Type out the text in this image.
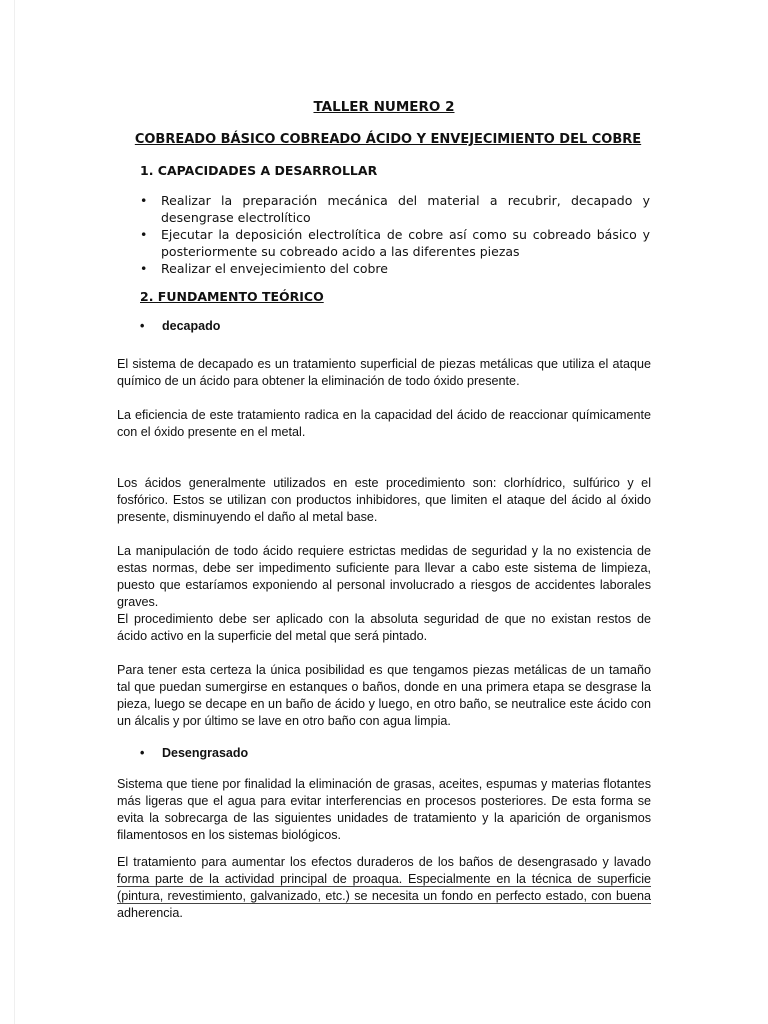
TALLER NUMERO 2
COBREADO BÁSICO COBREADO ÁCIDO Y ENVEJECIMIENTO DEL COBRE
1. CAPACIDADES A DESARROLLAR
• Realizar la preparación mecánica del material a recubrir, decapado y desengrase electrolítico
• Ejecutar la deposición electrolítica de cobre así como su cobreado básico y posteriormente su cobreado acido a las diferentes piezas
• Realizar el envejecimiento del cobre
2. FUNDAMENTO TEÓRICO
• decapado

El sistema de decapado es un tratamiento superficial de piezas metálicas que utiliza el ataque químico de un ácido para obtener la eliminación de todo óxido presente.

La eficiencia de este tratamiento radica en la capacidad del ácido de reaccionar químicamente con el óxido presente en el metal.

Los ácidos generalmente utilizados en este procedimiento son: clorhídrico, sulfúrico y el fosfórico. Estos se utilizan con productos inhibidores, que limiten el ataque del ácido al óxido presente, disminuyendo el daño al metal base.

La manipulación de todo ácido requiere estrictas medidas de seguridad y la no existencia de estas normas, debe ser impedimento suficiente para llevar a cabo este sistema de limpieza, puesto que estaríamos exponiendo al personal involucrado a riesgos de accidentes laborales graves.

El procedimiento debe ser aplicado con la absoluta seguridad de que no existan restos de ácido activo en la superficie del metal que será pintado.

Para tener esta certeza la única posibilidad es que tengamos piezas metálicas de un tamaño tal que puedan sumergirse en estanques o baños, donde en una primera etapa se desgrase la pieza, luego se decape en un baño de ácido y luego, en otro baño, se neutralice este ácido con un álcalis y por último se lave en otro baño con agua limpia.

• Desengrasado

Sistema que tiene por finalidad la eliminación de grasas, aceites, espumas y materias flotantes más ligeras que el agua para evitar interferencias en procesos posteriores. De esta forma se evita la sobrecarga de las siguientes unidades de tratamiento y la aparición de organismos filamentosos en los sistemas biológicos.

El tratamiento para aumentar los efectos duraderos de los baños de desengrasado y lavado forma parte de la actividad principal de proaqua. Especialmente en la técnica de superficie (pintura, revestimiento, galvanizado, etc.) se necesita un fondo en perfecto estado, con buena adherencia.
